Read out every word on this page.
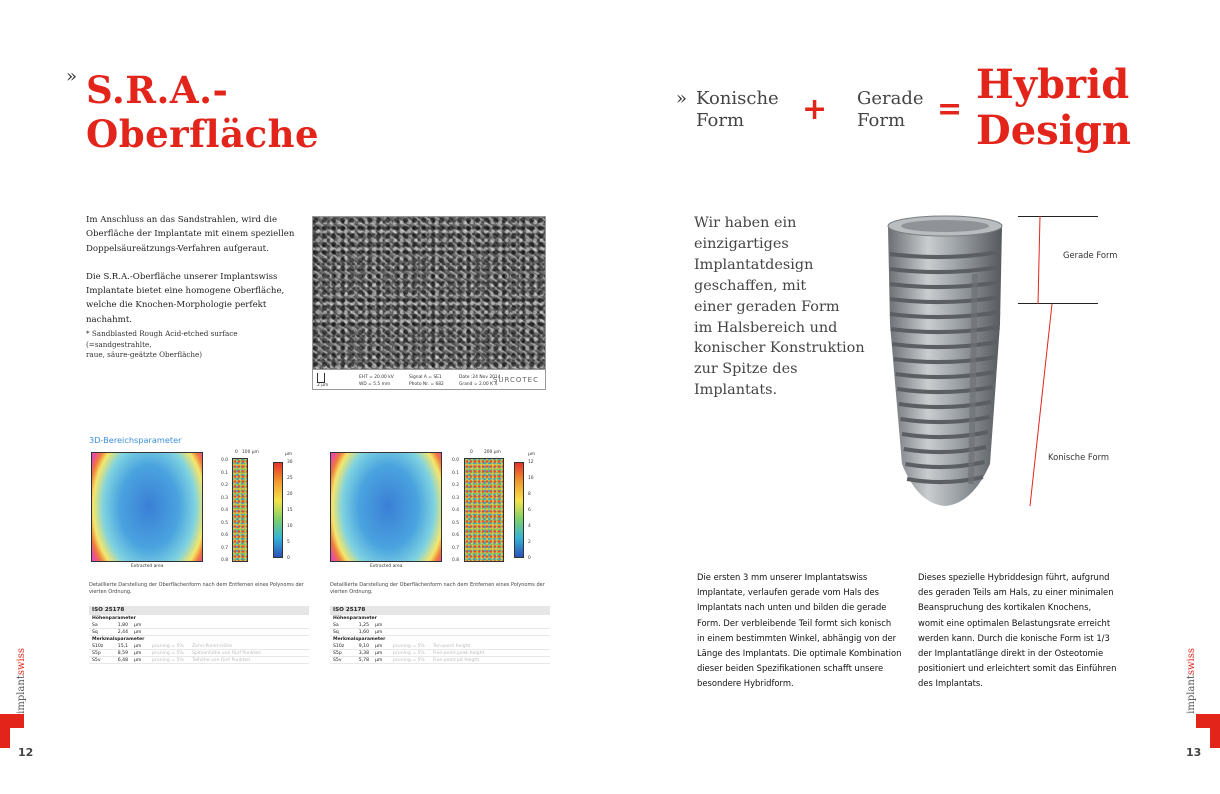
» S.R.A.-
Oberfläche
Im Anschluss an das Sandstrahlen, wird die
Oberfläche der Implantate mit einem speziellen
Doppelsäureätzungs-Verfahren aufgeraut.
Die S.R.A.-Oberfläche unserer Implantswiss
Implantate bietet eine homogene Oberfläche,
welche die Knochen-Morphologie perfekt
nachahmt.
* Sandblasted Rough Acid-etched surface (=sandgestrahlte,
raue, säure-geätzte Oberfläche)
2 µm
EHT = 20.00 kV
WD = 5.5 mm
Signal A = SE1
Photo Nr. = 682
Date :24 Nov 2014
Grand = 2.00 K X
SURCOTEC
3D-Bereichsparameter
Extracted area
0.0
0.1
0.2
0.3
0.4
0.5
0.6
0.7
0.8
0   100 µm	µm
30
25
20
15
10
5
0
Detaillierte Darstellung der Oberflächenform nach dem Entfernen eines Polynoms der
vierten Ordnung.
ISO 25178
Höhenparameter
Sa	1,80	µm
Sq	2,44	µm
Merkmalsparameter
S10z	15,1	µm	pruning = 5%	Zehn-Punkt-Höhe
S5p	8,59	µm	pruning = 5%	Spitzenhöhe von fünf Punkten
S5v	6,48	µm	pruning = 5%	Talhöhe von fünf Punkten
Extracted area
0.0
0.1
0.2
0.3
0.4
0.5
0.6
0.7
0.8
0        200 µm	µm
12
10
8
6
4
2
0
Detaillierte Darstellung der Oberflächenform nach dem Entfernen eines Polynoms der
vierten Ordnung.
ISO 25178
Höhenparameter
Sa	1,25	µm
Sq	1,60	µm
Merkmalsparameter
S10z	9,10	µm	pruning = 5%	Ten-point height
S5p	3,38	µm	pruning = 5%	Five-point peak height
S5v	5,78	µm	pruning = 5%	Five-point pit height
implantswiss
12
» Konische
Form	+ Gerade
Form	=
Hybrid
Design
Wir haben ein
einzigartiges
Implantatdesign
geschaffen, mit
einer geraden Form
im Halsbereich und
konischer Konstruktion
zur Spitze des Implantats.
Gerade Form
Konische Form
Die ersten 3 mm unserer Implantatswiss
Implantate, verlaufen gerade vom Hals des
Implantats nach unten und bilden die gerade
Form. Der verbleibende Teil formt sich konisch
in einem bestimmten Winkel, abhängig von der
Länge des Implantats. Die optimale Kombination
dieser beiden Spezifikationen schafft unsere
besondere Hybridform.
Dieses spezielle Hybriddesign führt, aufgrund
des geraden Teils am Hals, zu einer minimalen
Beanspruchung des kortikalen Knochens,
womit eine optimalen Belastungsrate erreicht
werden kann. Durch die konische Form ist 1/3
der Implantatlänge direkt in der Osteotomie
positioniert und erleichtert somit das Einführen
des Implantats.	implantswiss
13
